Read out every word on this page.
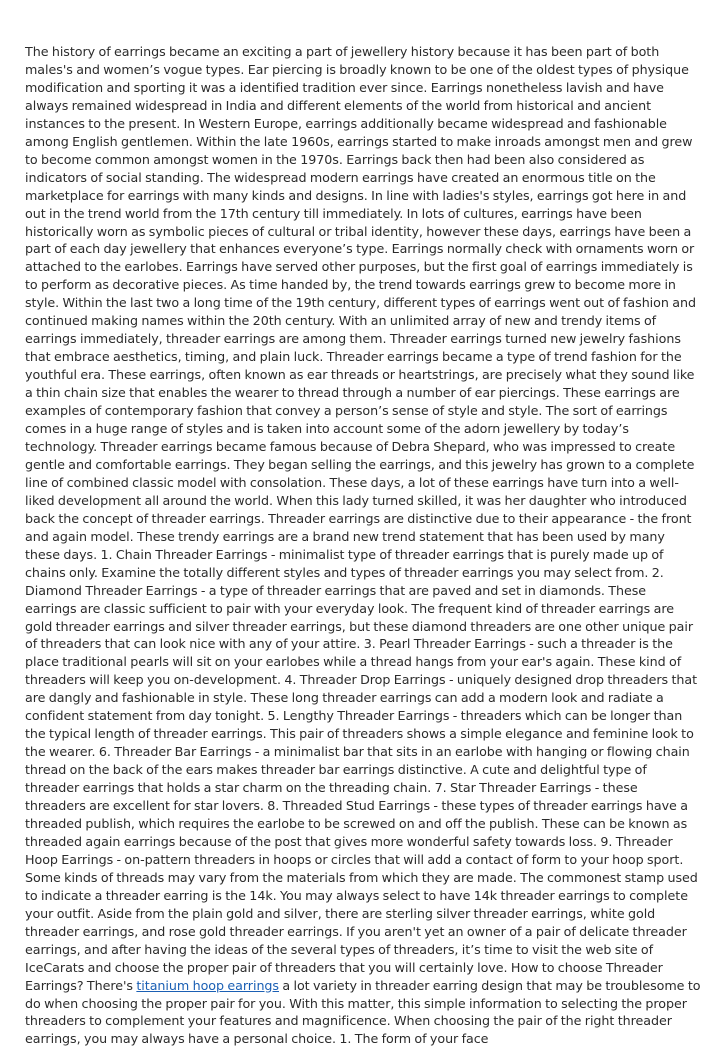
The history of earrings became an exciting a part of jewellery history because it has been part of both males's and women’s vogue types. Ear piercing is broadly known to be one of the oldest types of physique modification and sporting it was a identified tradition ever since. Earrings nonetheless lavish and have always remained widespread in India and different elements of the world from historical and ancient instances to the present. In Western Europe, earrings additionally became widespread and fashionable among English gentlemen. Within the late 1960s, earrings started to make inroads amongst men and grew to become common amongst women in the 1970s. Earrings back then had been also considered as indicators of social standing. The widespread modern earrings have created an enormous title on the marketplace for earrings with many kinds and designs. In line with ladies's styles, earrings got here in and out in the trend world from the 17th century till immediately. In lots of cultures, earrings have been historically worn as symbolic pieces of cultural or tribal identity, however these days, earrings have been a part of each day jewellery that enhances everyone’s type. Earrings normally check with ornaments worn or attached to the earlobes. Earrings have served other purposes, but the first goal of earrings immediately is to perform as decorative pieces. As time handed by, the trend towards earrings grew to become more in style. Within the last two a long time of the 19th century, different types of earrings went out of fashion and continued making names within the 20th century. With an unlimited array of new and trendy items of earrings immediately, threader earrings are among them. Threader earrings turned new jewelry fashions that embrace aesthetics, timing, and plain luck. Threader earrings became a type of trend fashion for the youthful era. These earrings, often known as ear threads or heartstrings, are precisely what they sound like a thin chain size that enables the wearer to thread through a number of ear piercings. These earrings are examples of contemporary fashion that convey a person’s sense of style and style. The sort of earrings comes in a huge range of styles and is taken into account some of the adorn jewellery by today’s technology. Threader earrings became famous because of Debra Shepard, who was impressed to create gentle and comfortable earrings. They began selling the earrings, and this jewelry has grown to a complete line of combined classic model with consolation. These days, a lot of these earrings have turn into a well-liked development all around the world. When this lady turned skilled, it was her daughter who introduced back the concept of threader earrings. Threader earrings are distinctive due to their appearance - the front and again model. These trendy earrings are a brand new trend statement that has been used by many these days. 1. Chain Threader Earrings - minimalist type of threader earrings that is purely made up of chains only. Examine the totally different styles and types of threader earrings you may select from. 2. Diamond Threader Earrings - a type of threader earrings that are paved and set in diamonds. These earrings are classic sufficient to pair with your everyday look. The frequent kind of threader earrings are gold threader earrings and silver threader earrings, but these diamond threaders are one other unique pair of threaders that can look nice with any of your attire. 3. Pearl Threader Earrings - such a threader is the place traditional pearls will sit on your earlobes while a thread hangs from your ear's again. These kind of threaders will keep you on-development. 4. Threader Drop Earrings - uniquely designed drop threaders that are dangly and fashionable in style. These long threader earrings can add a modern look and radiate a confident statement from day tonight. 5. Lengthy Threader Earrings - threaders which can be longer than the typical length of threader earrings. This pair of threaders shows a simple elegance and feminine look to the wearer. 6. Threader Bar Earrings - a minimalist bar that sits in an earlobe with hanging or flowing chain thread on the back of the ears makes threader bar earrings distinctive. A cute and delightful type of threader earrings that holds a star charm on the threading chain. 7. Star Threader Earrings - these threaders are excellent for star lovers. 8. Threaded Stud Earrings - these types of threader earrings have a threaded publish, which requires the earlobe to be screwed on and off the publish. These can be known as threaded again earrings because of the post that gives more wonderful safety towards loss. 9. Threader Hoop Earrings - on-pattern threaders in hoops or circles that will add a contact of form to your hoop sport. Some kinds of threads may vary from the materials from which they are made. The commonest stamp used to indicate a threader earring is the 14k. You may always select to have 14k threader earrings to complete your outfit. Aside from the plain gold and silver, there are sterling silver threader earrings, white gold threader earrings, and rose gold threader earrings. If you aren't yet an owner of a pair of delicate threader earrings, and after having the ideas of the several types of threaders, it’s time to visit the web site of IceCarats and choose the proper pair of threaders that you will certainly love. How to choose Threader Earrings? There's titanium hoop earrings a lot variety in threader earring design that may be troublesome to do when choosing the proper pair for you. With this matter, this simple information to selecting the proper threaders to complement your features and magnificence. When choosing the pair of the right threader earrings, you may always have a personal choice. 1. The form of your face
